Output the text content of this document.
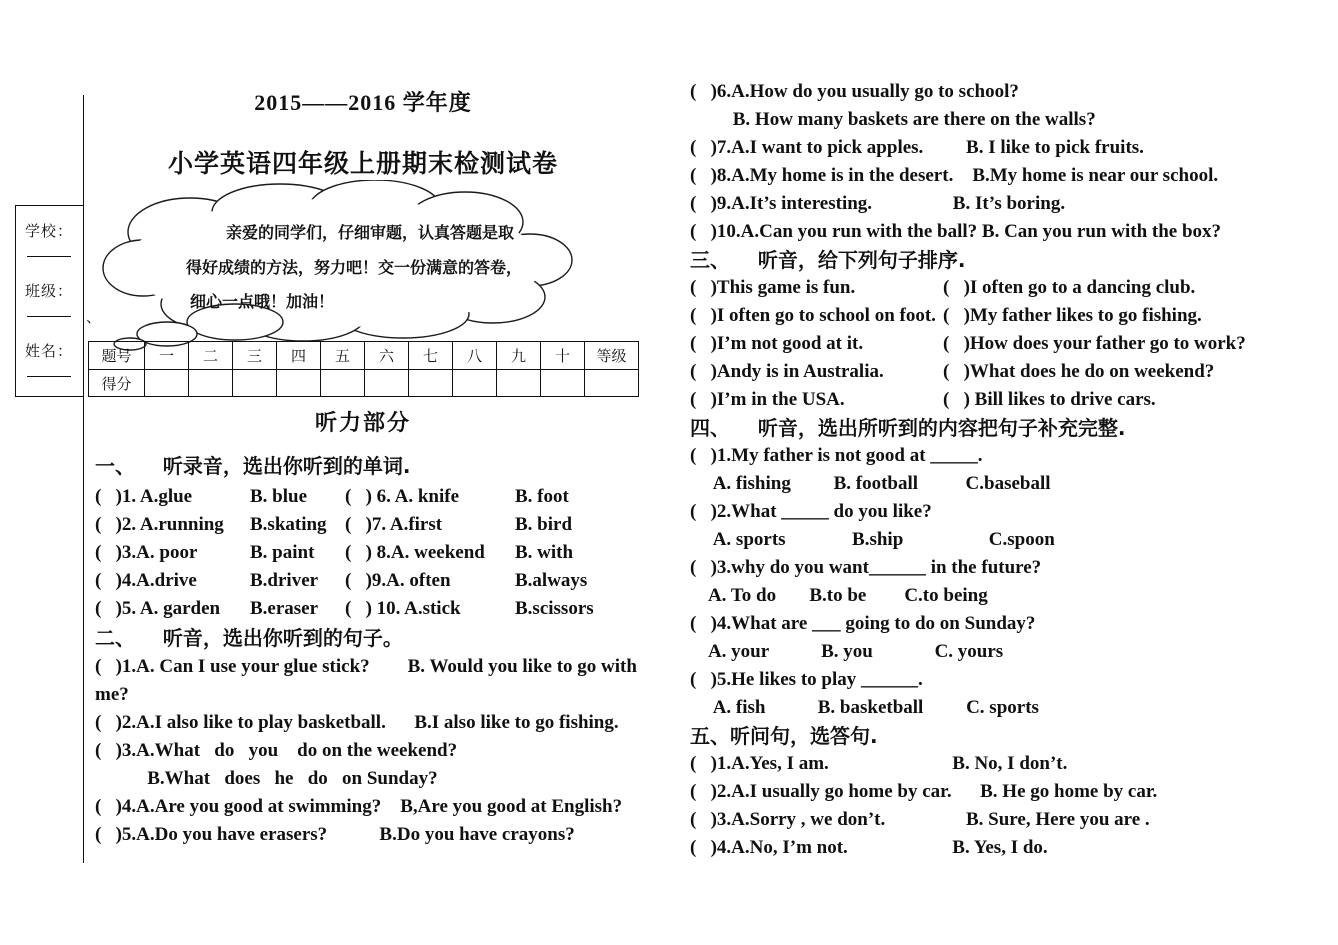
学校：
班级：
姓名：
2015——2016 学年度
小学英语四年级上册期末检测试卷
亲爱的同学们，仔细审题，认真答题是取
得好成绩的方法，努力吧！交一份满意的答卷，
细心一点哦！加油！
、
题号	一	二	三	四	五	六	七	八	九	十	等级
得分
听力部分
一、    听录音，选出你听到的单词.
(   )1. A.glue	B. blue (   ) 6. A. knife	B. foot
(   )2. A.running B.skating (   )7. A.first	B. bird
(   )3.A. poor	B. paint (   ) 8.A. weekend B. with
(   )4.A.drive	B.driver (   )9.A. often	B.always
(   )5. A. garden B.eraser (   ) 10. A.stick	B.scissors
二、    听音，选出你听到的句子。
(   )1.A. Can I use your glue stick?        B. Would you like to go with
me?
(   )2.A.I also like to play basketball.      B.I also like to go fishing.
(   )3.A.What   do   you    do on the weekend?
B.What   does   he   do   on Sunday?
(   )4.A.Are you good at swimming?    B,Are you good at English?
(   )5.A.Do you have erasers?           B.Do you have crayons?
(   )6.A.How do you usually go to school?
B. How many baskets are there on the walls?
(   )7.A.I want to pick apples.         B. I like to pick fruits.
(   )8.A.My home is in the desert.    B.My home is near our school.
(   )9.A.It’s interesting.                 B. It’s boring.
(   )10.A.Can you run with the ball? B. Can you run with the box?
三、    听音，给下列句子排序.
(   )This game is fun.	(   )I often go to a dancing club.
(   )I often go to school on foot. (   )My father likes to go fishing.
(   )I’m not good at it.	(   )How does your father go to work?
(   )Andy is in Australia.	(   )What does he do on weekend?
(   )I’m in the USA.	(   ) Bill likes to drive cars.
四、    听音，选出所听到的内容把句子补充完整.
(   )1.My father is not good at _____.
A. fishing         B. football          C.baseball
(   )2.What _____ do you like?
A. sports              B.ship                  C.spoon
(   )3.why do you want______ in the future?
A. To do       B.to be        C.to being
(   )4.What are ___ going to do on Sunday?
A. your           B. you             C. yours
(   )5.He likes to play ______.
A. fish           B. basketball         C. sports
五、听问句，选答句.
(   )1.A.Yes, I am.                          B. No, I don’t.
(   )2.A.I usually go home by car.      B. He go home by car.
(   )3.A.Sorry , we don’t.                 B. Sure, Here you are .
(   )4.A.No, I’m not.                      B. Yes, I do.
